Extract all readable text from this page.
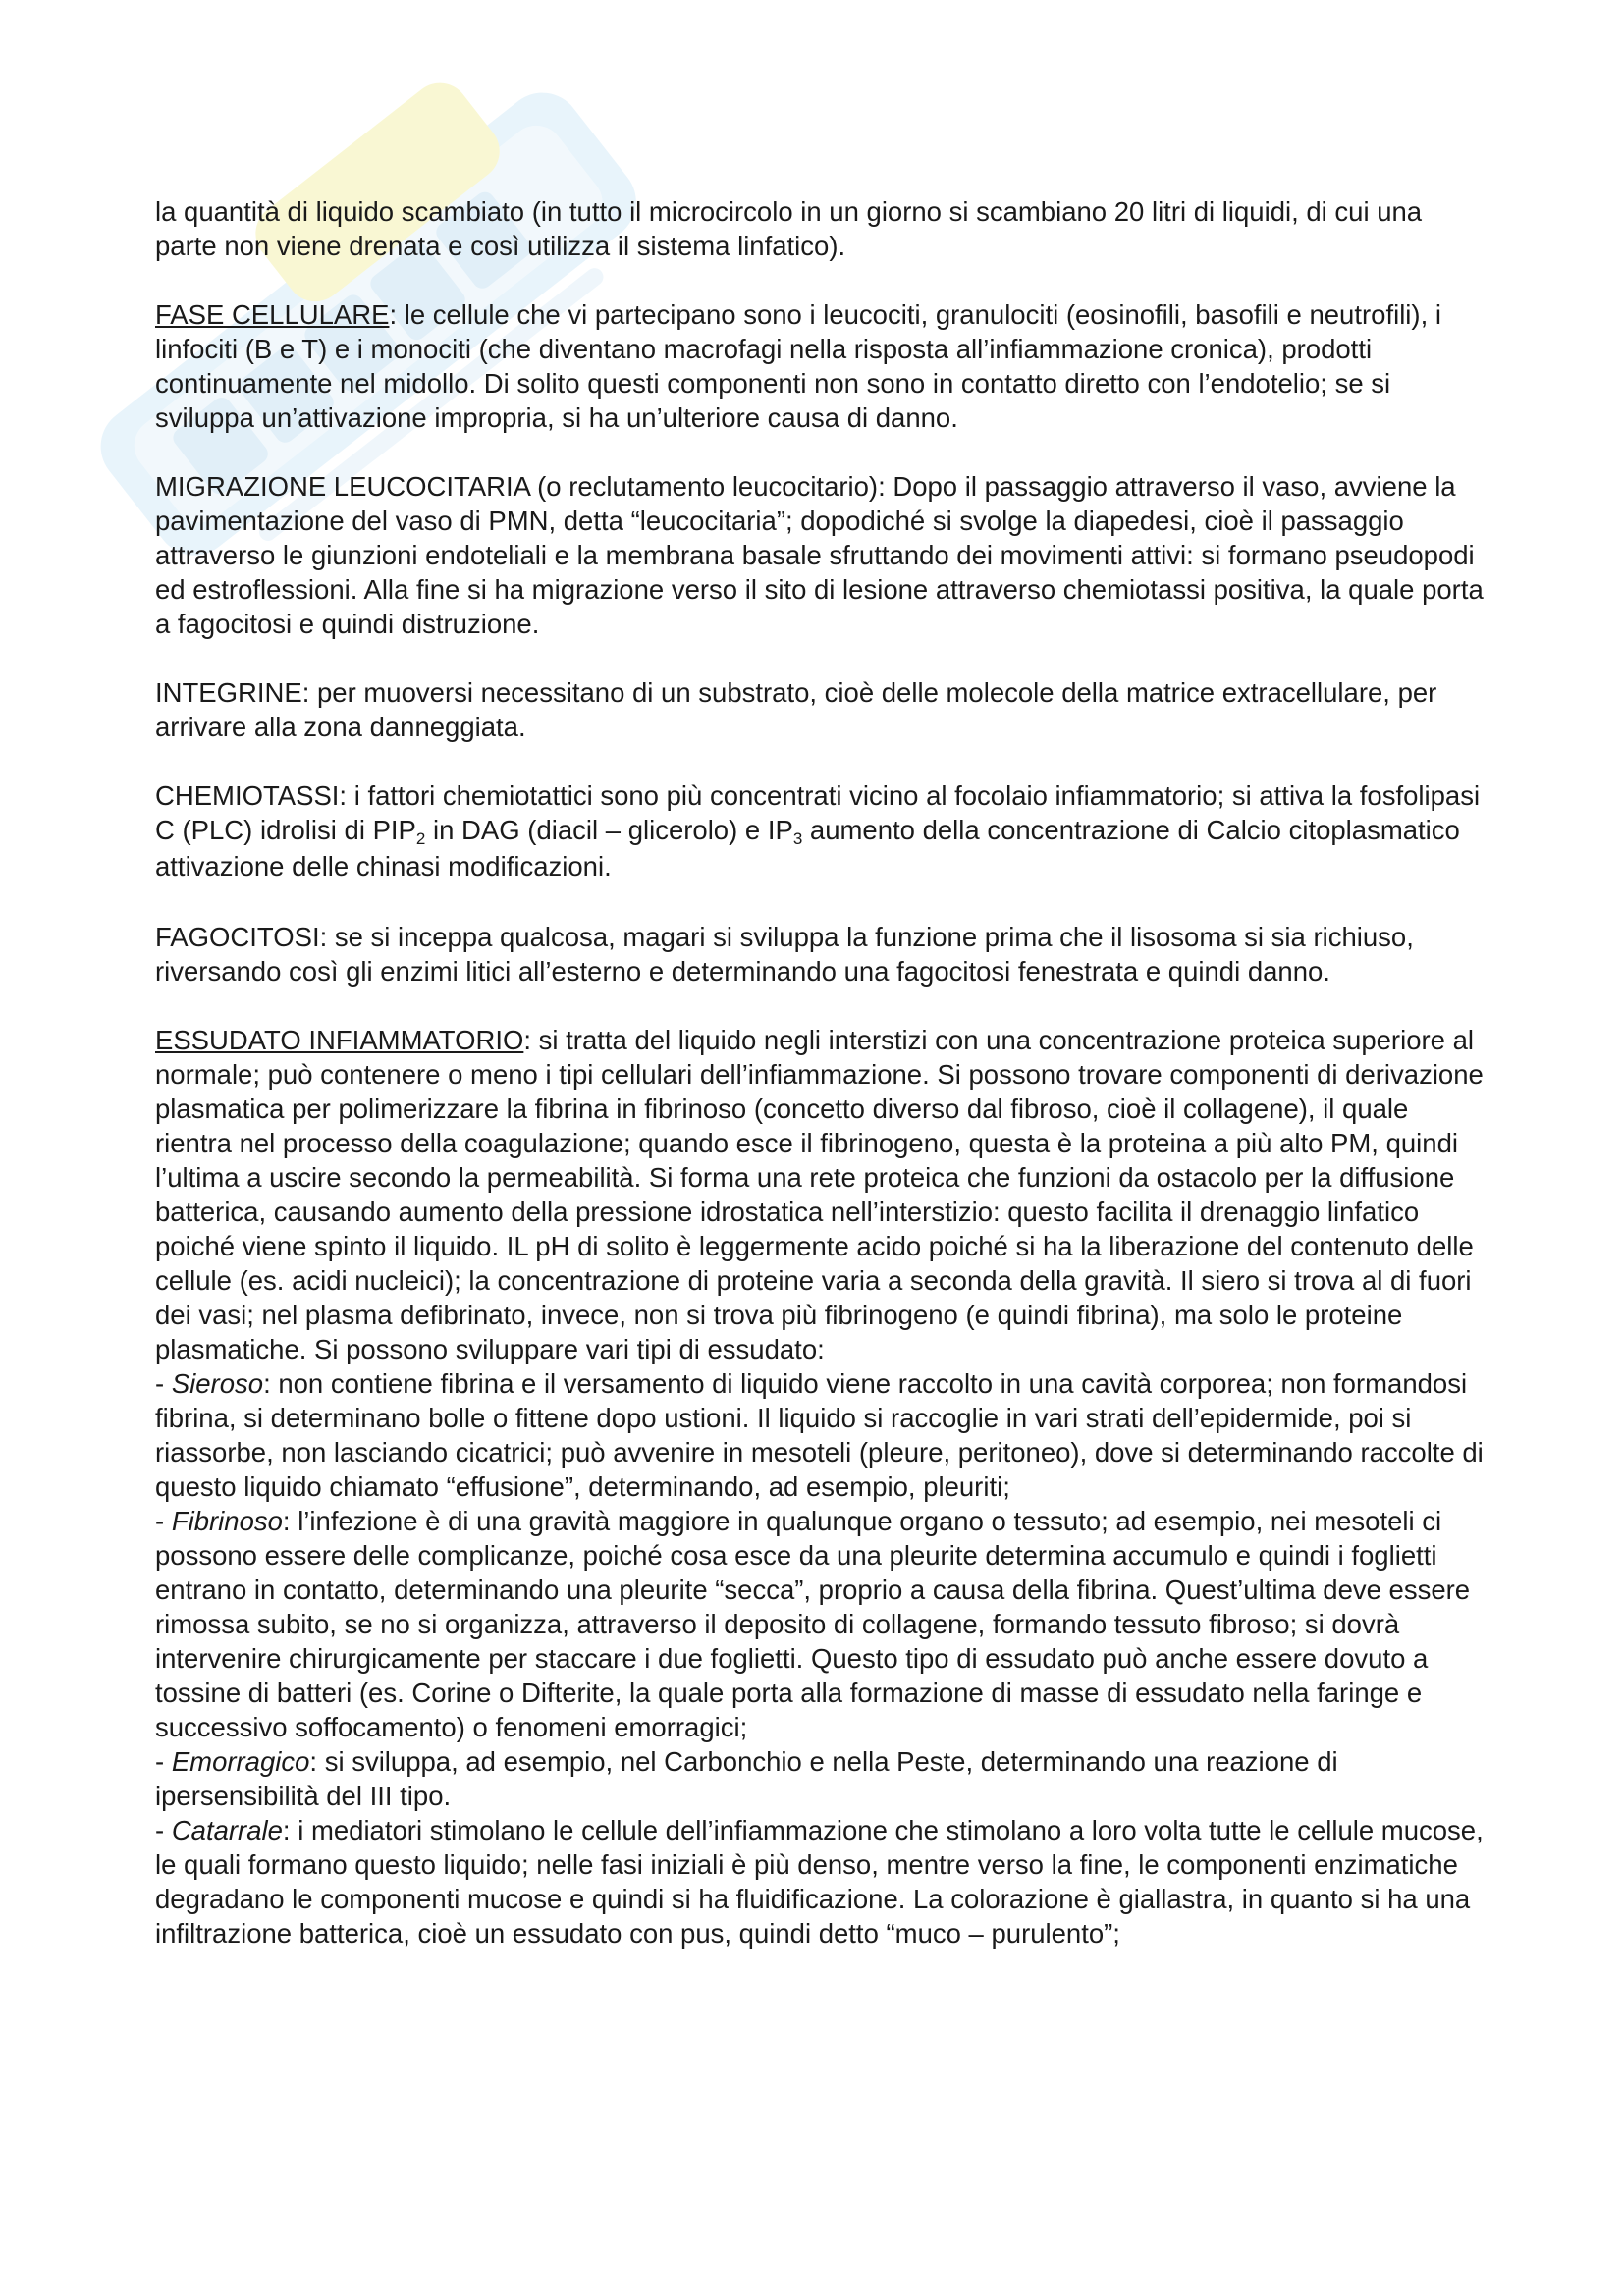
la quantità di liquido scambiato (in tutto il microcircolo in un giorno si scambiano 20 litri di liquidi, di cui una parte non viene drenata e così utilizza il sistema linfatico).

FASE CELLULARE: le cellule che vi partecipano sono i leucociti, granulociti (eosinofili, basofili e neutrofili), i linfociti (B e T) e i monociti (che diventano macrofagi nella risposta all’infiammazione cronica), prodotti continuamente nel midollo. Di solito questi componenti non sono in contatto diretto con l’endotelio; se si sviluppa un’attivazione impropria, si ha un’ulteriore causa di danno.

MIGRAZIONE LEUCOCITARIA (o reclutamento leucocitario): Dopo il passaggio attraverso il vaso, avviene la pavimentazione del vaso di PMN, detta “leucocitaria”; dopodiché si svolge la diapedesi, cioè il passaggio attraverso le giunzioni endoteliali e la membrana basale sfruttando dei movimenti attivi: si formano pseudopodi ed estroflessioni. Alla fine si ha migrazione verso il sito di lesione attraverso chemiotassi positiva, la quale porta a fagocitosi e quindi distruzione.

INTEGRINE: per muoversi necessitano di un substrato, cioè delle molecole della matrice extracellulare, per arrivare alla zona danneggiata.

CHEMIOTASSI: i fattori chemiotattici sono più concentrati vicino al focolaio infiammatorio; si attiva la fosfolipasi C (PLC) idrolisi di $PIP_2$ in DAG (diacil – glicerolo) e $IP_3$ aumento della concentrazione di Calcio citoplasmatico attivazione delle chinasi modificazioni.

FAGOCITOSI: se si inceppa qualcosa, magari si sviluppa la funzione prima che il lisosoma si sia richiuso, riversando così gli enzimi litici all’esterno e determinando una fagocitosi fenestrata e quindi danno.

ESSUDATO INFIAMMATORIO: si tratta del liquido negli interstizi con una concentrazione proteica superiore al normale; può contenere o meno i tipi cellulari dell’infiammazione. Si possono trovare componenti di derivazione plasmatica per polimerizzare la fibrina in fibrinoso (concetto diverso dal fibroso, cioè il collagene), il quale rientra nel processo della coagulazione; quando esce il fibrinogeno, questa è la proteina a più alto PM, quindi l’ultima a uscire secondo la permeabilità. Si forma una rete proteica che funzioni da ostacolo per la diffusione batterica, causando aumento della pressione idrostatica nell’interstizio: questo facilita il drenaggio linfatico poiché viene spinto il liquido. IL pH di solito è leggermente acido poiché si ha la liberazione del contenuto delle cellule (es. acidi nucleici); la concentrazione di proteine varia a seconda della gravità. Il siero si trova al di fuori dei vasi; nel plasma defibrinato, invece, non si trova più fibrinogeno (e quindi fibrina), ma solo le proteine plasmatiche. Si possono sviluppare vari tipi di essudato:

- Sieroso: non contiene fibrina e il versamento di liquido viene raccolto in una cavità corporea; non formandosi fibrina, si determinano bolle o fittene dopo ustioni. Il liquido si raccoglie in vari strati dell’epidermide, poi si riassorbe, non lasciando cicatrici; può avvenire in mesoteli (pleure, peritoneo), dove si determinando raccolte di questo liquido chiamato “effusione”, determinando, ad esempio, pleuriti;

- Fibrinoso: l’infezione è di una gravità maggiore in qualunque organo o tessuto; ad esempio, nei mesoteli ci possono essere delle complicanze, poiché cosa esce da una pleurite determina accumulo e quindi i foglietti entrano in contatto, determinando una pleurite “secca”, proprio a causa della fibrina. Quest’ultima deve essere rimossa subito, se no si organizza, attraverso il deposito di collagene, formando tessuto fibroso; si dovrà intervenire chirurgicamente per staccare i due foglietti. Questo tipo di essudato può anche essere dovuto a tossine di batteri (es. Corine o Difterite, la quale porta alla formazione di masse di essudato nella faringe e successivo soffocamento) o fenomeni emorragici;

- Emorragico: si sviluppa, ad esempio, nel Carbonchio e nella Peste, determinando una reazione di ipersensibilità del III tipo.

- Catarrale: i mediatori stimolano le cellule dell’infiammazione che stimolano a loro volta tutte le cellule mucose, le quali formano questo liquido; nelle fasi iniziali è più denso, mentre verso la fine, le componenti enzimatiche degradano le componenti mucose e quindi si ha fluidificazione. La colorazione è giallastra, in quanto si ha una infiltrazione batterica, cioè un essudato con pus, quindi detto “muco – purulento”;
